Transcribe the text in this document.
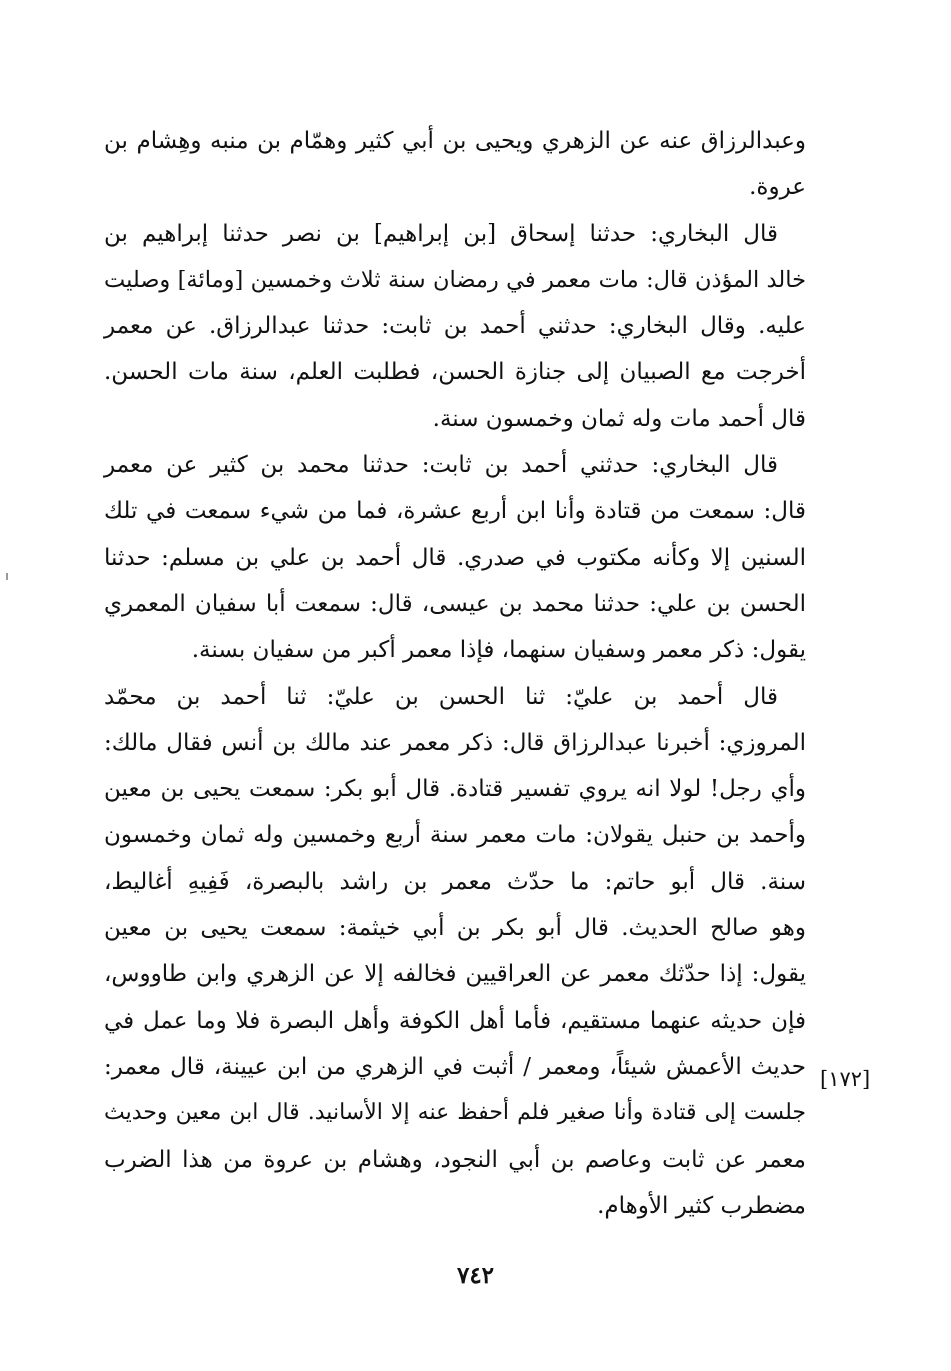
وعبدالرزاق عنه عن الزهري ويحيى بن أبي كثير وهمّام بن منبه وهِشام بن
عروة.
قال البخاري: حدثنا إسحاق [بن إبراهيم] بن نصر حدثنا إبراهيم بن
خالد المؤذن قال: مات معمر في رمضان سنة ثلاث وخمسين [ومائة] وصليت
عليه. وقال البخاري: حدثني أحمد بن ثابت: حدثنا عبدالرزاق. عن معمر
أخرجت مع الصبيان إلى جنازة الحسن، فطلبت العلم، سنة مات الحسن.
قال أحمد مات وله ثمان وخمسون سنة.
قال البخاري: حدثني أحمد بن ثابت: حدثنا محمد بن كثير عن معمر
قال: سمعت من قتادة وأنا ابن أربع عشرة، فما من شيء سمعت في تلك
السنين إلا وكأنه مكتوب في صدري. قال أحمد بن علي بن مسلم: حدثنا
الحسن بن علي: حدثنا محمد بن عيسى، قال: سمعت أبا سفيان المعمري
يقول: ذكر معمر وسفيان سنهما، فإذا معمر أكبر من سفيان بسنة.
قال أحمد بن عليّ: ثنا الحسن بن عليّ: ثنا أحمد بن محمّد
المروزي: أخبرنا عبدالرزاق قال: ذكر معمر عند مالك بن أنس فقال مالك:
وأي رجل! لولا انه يروي تفسير قتادة. قال أبو بكر: سمعت يحيى بن معين
وأحمد بن حنبل يقولان: مات معمر سنة أربع وخمسين وله ثمان وخمسون
سنة. قال أبو حاتم: ما حدّث معمر بن راشد بالبصرة، فَفِيهِ أغاليط،
وهو صالح الحديث. قال أبو بكر بن أبي خيثمة: سمعت يحيى بن معين
يقول: إذا حدّثك معمر عن العراقيين فخالفه إلا عن الزهري وابن طاووس،
فإن حديثه عنهما مستقيم، فأما أهل الكوفة وأهل البصرة فلا وما عمل في
حديث الأعمش شيئاً، ومعمر / أثبت في الزهري من ابن عيينة، قال معمر:
جلست إلى قتادة وأنا صغير فلم أحفظ عنه إلا الأسانيد. قال ابن معين وحديث
معمر عن ثابت وعاصم بن أبي النجود، وهشام بن عروة من هذا الضرب
مضطرب كثير الأوهام.
[١٧٢]
٧٤٢
